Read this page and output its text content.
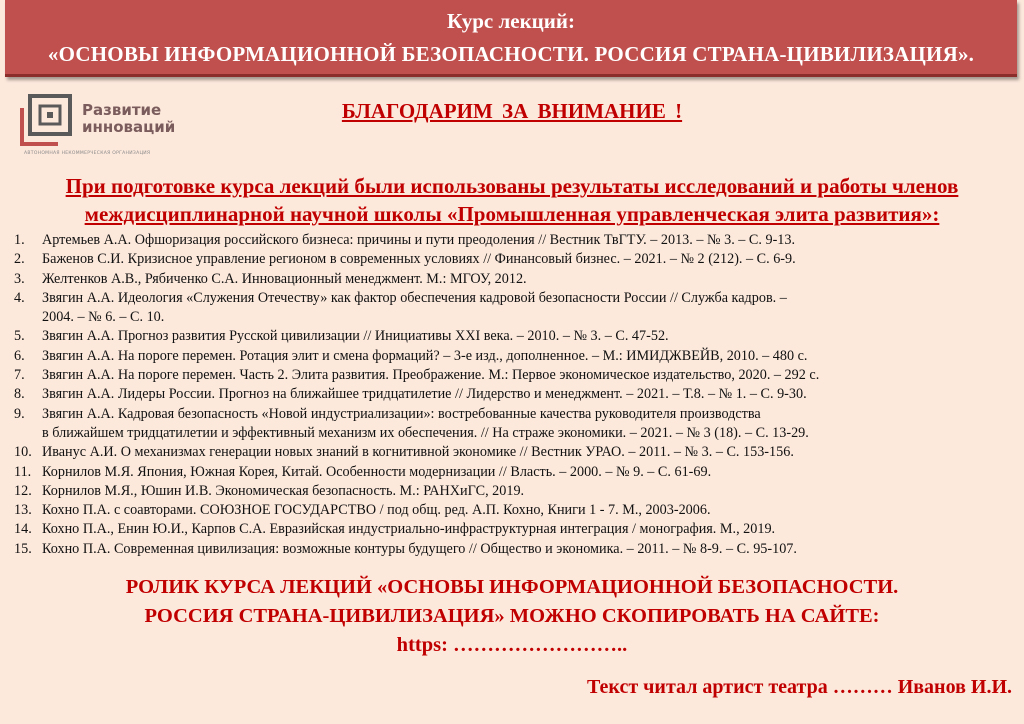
Курс лекций:
«ОСНОВЫ ИНФОРМАЦИОННОЙ БЕЗОПАСНОСТИ. РОССИЯ СТРАНА-ЦИВИЛИЗАЦИЯ».
Развитие
инноваций
АВТОНОМНАЯ НЕКОММЕРЧЕСКАЯ ОРГАНИЗАЦИЯ
БЛАГОДАРИМ ЗА ВНИМАНИЕ !
При подготовке курса лекций были использованы результаты исследований и работы членов
междисциплинарной научной школы «Промышленная управленческая элита развития»:
1. Артемьев А.А. Офшоризация российского бизнеса: причины и пути преодоления // Вестник ТвГТУ. – 2013. – № 3. – С. 9-13.
2. Баженов С.И. Кризисное управление регионом в современных условиях // Финансовый бизнес. – 2021. – № 2 (212). – С. 6-9.
3. Желтенков А.В., Рябиченко С.А. Инновационный менеджмент. М.: МГОУ, 2012.
4. Звягин А.А. Идеология «Служения Отечеству» как фактор обеспечения кадровой безопасности России // Служба кадров. –
2004. – № 6. – С. 10.
5. Звягин А.А. Прогноз развития Русской цивилизации // Инициативы XXI века. – 2010. – № 3. – С. 47-52.
6. Звягин А.А. На пороге перемен. Ротация элит и смена формаций? – 3-е изд., дополненное. – М.: ИМИДЖВЕЙВ, 2010. – 480 с.
7. Звягин А.А. На пороге перемен. Часть 2. Элита развития. Преображение. М.: Первое экономическое издательство, 2020. – 292 с.
8. Звягин А.А. Лидеры России. Прогноз на ближайшее тридцатилетие // Лидерство и менеджмент. – 2021. – Т.8. – № 1. – С. 9-30.
9. Звягин А.А. Кадровая безопасность «Новой индустриализации»: востребованные качества руководителя производства
в ближайшем тридцатилетии и эффективный механизм их обеспечения. // На страже экономики. – 2021. – № 3 (18). – С. 13-29.
10. Иванус А.И. О механизмах генерации новых знаний в когнитивной экономике // Вестник УРАО. – 2011. – № 3. – С. 153-156.
11. Корнилов М.Я. Япония, Южная Корея, Китай. Особенности модернизации // Власть. – 2000. – № 9. – С. 61-69.
12. Корнилов М.Я., Юшин И.В. Экономическая безопасность. М.: РАНХиГС, 2019.
13. Кохно П.А. с соавторами. СОЮЗНОЕ ГОСУДАРСТВО / под общ. ред. А.П. Кохно, Книги 1 - 7. М., 2003-2006.
14. Кохно П.А., Енин Ю.И., Карпов С.А. Евразийская индустриально-инфраструктурная интеграция / монография. М., 2019.
15. Кохно П.А. Современная цивилизация: возможные контуры будущего // Общество и экономика. – 2011. – № 8-9. – С. 95-107.
РОЛИК КУРСА ЛЕКЦИЙ «ОСНОВЫ ИНФОРМАЦИОННОЙ БЕЗОПАСНОСТИ.
РОССИЯ СТРАНА-ЦИВИЛИЗАЦИЯ» МОЖНО СКОПИРОВАТЬ НА САЙТЕ:
https: ……………………..
Текст читал артист театра ……… Иванов И.И.
